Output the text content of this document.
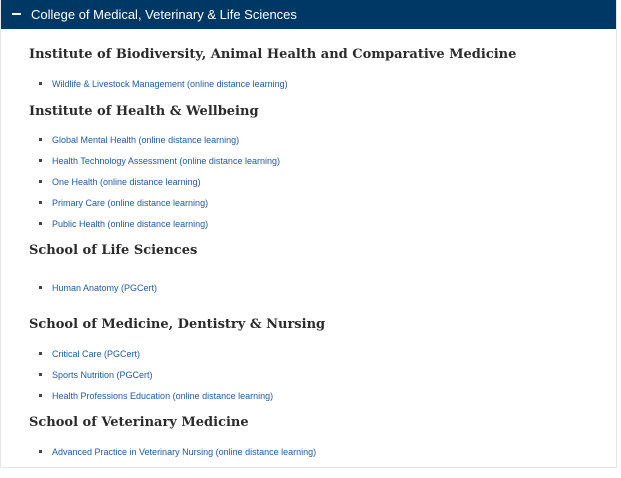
College of Medical, Veterinary & Life Sciences
Institute of Biodiversity, Animal Health and Comparative Medicine
Wildlife & Livestock Management (online distance learning)
Institute of Health & Wellbeing
Global Mental Health (online distance learning)
Health Technology Assessment (online distance learning)
One Health (online distance learning)
Primary Care (online distance learning)
Public Health (online distance learning)
School of Life Sciences
Human Anatomy (PGCert)
School of Medicine, Dentistry & Nursing
Critical Care (PGCert)
Sports Nutrition (PGCert)
Health Professions Education (online distance learning)
School of Veterinary Medicine
Advanced Practice in Veterinary Nursing (online distance learning)
